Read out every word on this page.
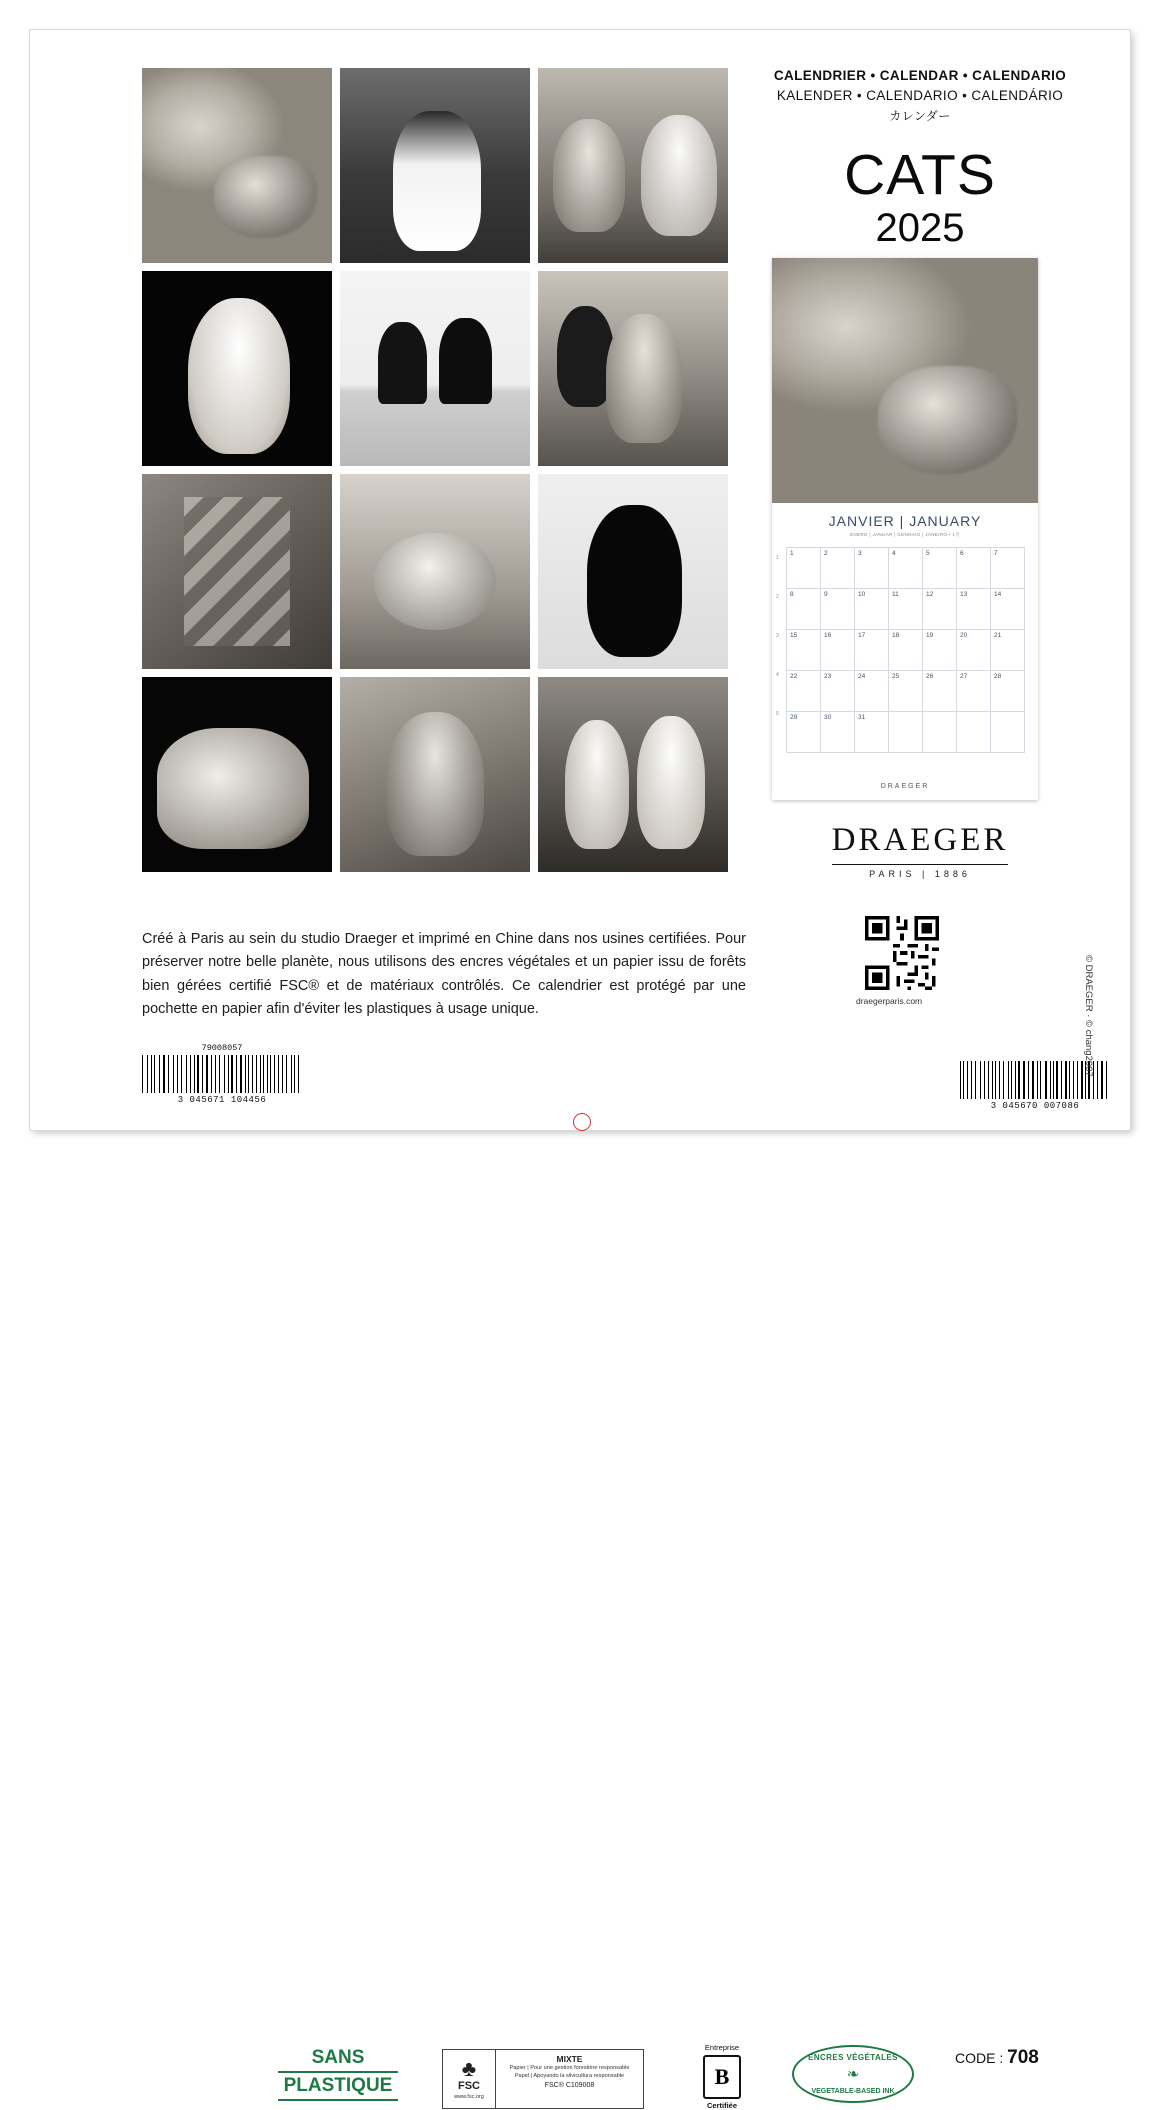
CALENDRIER • CALENDAR • CALENDARIO
KALENDER • CALENDARIO • CALENDÁRIO
カレンダー
CATS
2025
JANVIER | JANUARY
ENERO | JANUAR | GENNAIO | JANEIRO • 1月
1
2
3
4
5
1	2	3	4	5	6	7
8	9	10	11	12	13	14
15	16	17	18	19	20	21
22	23	24	25	26	27	28
29	30	31
DRAEGER
DRAEGER
PARIS | 1886
draegerparis.com
Créé à Paris au sein du studio Draeger et imprimé en Chine dans nos usines certifiées. Pour préserver notre belle planète, nous utilisons des encres végétales et un papier issu de forêts bien gérées certifié FSC® et de matériaux contrôlés. Ce calendrier est protégé par une pochette en papier afin d'éviter les plastiques à usage unique.
79008057
3 045671 104456
SANS
PLASTIQUE
♣
FSC
www.fsc.org
MIXTE
Papier | Pour une gestion forestière responsable
Papel | Apoyando la silvicultura responsable
FSC® C109008
Entreprise
B
Certifiée
ENCRES VÉGÉTALES
❧
VEGETABLE-BASED INK
CODE : 708
3 045670 007086
© DRAEGER · © chang2007
